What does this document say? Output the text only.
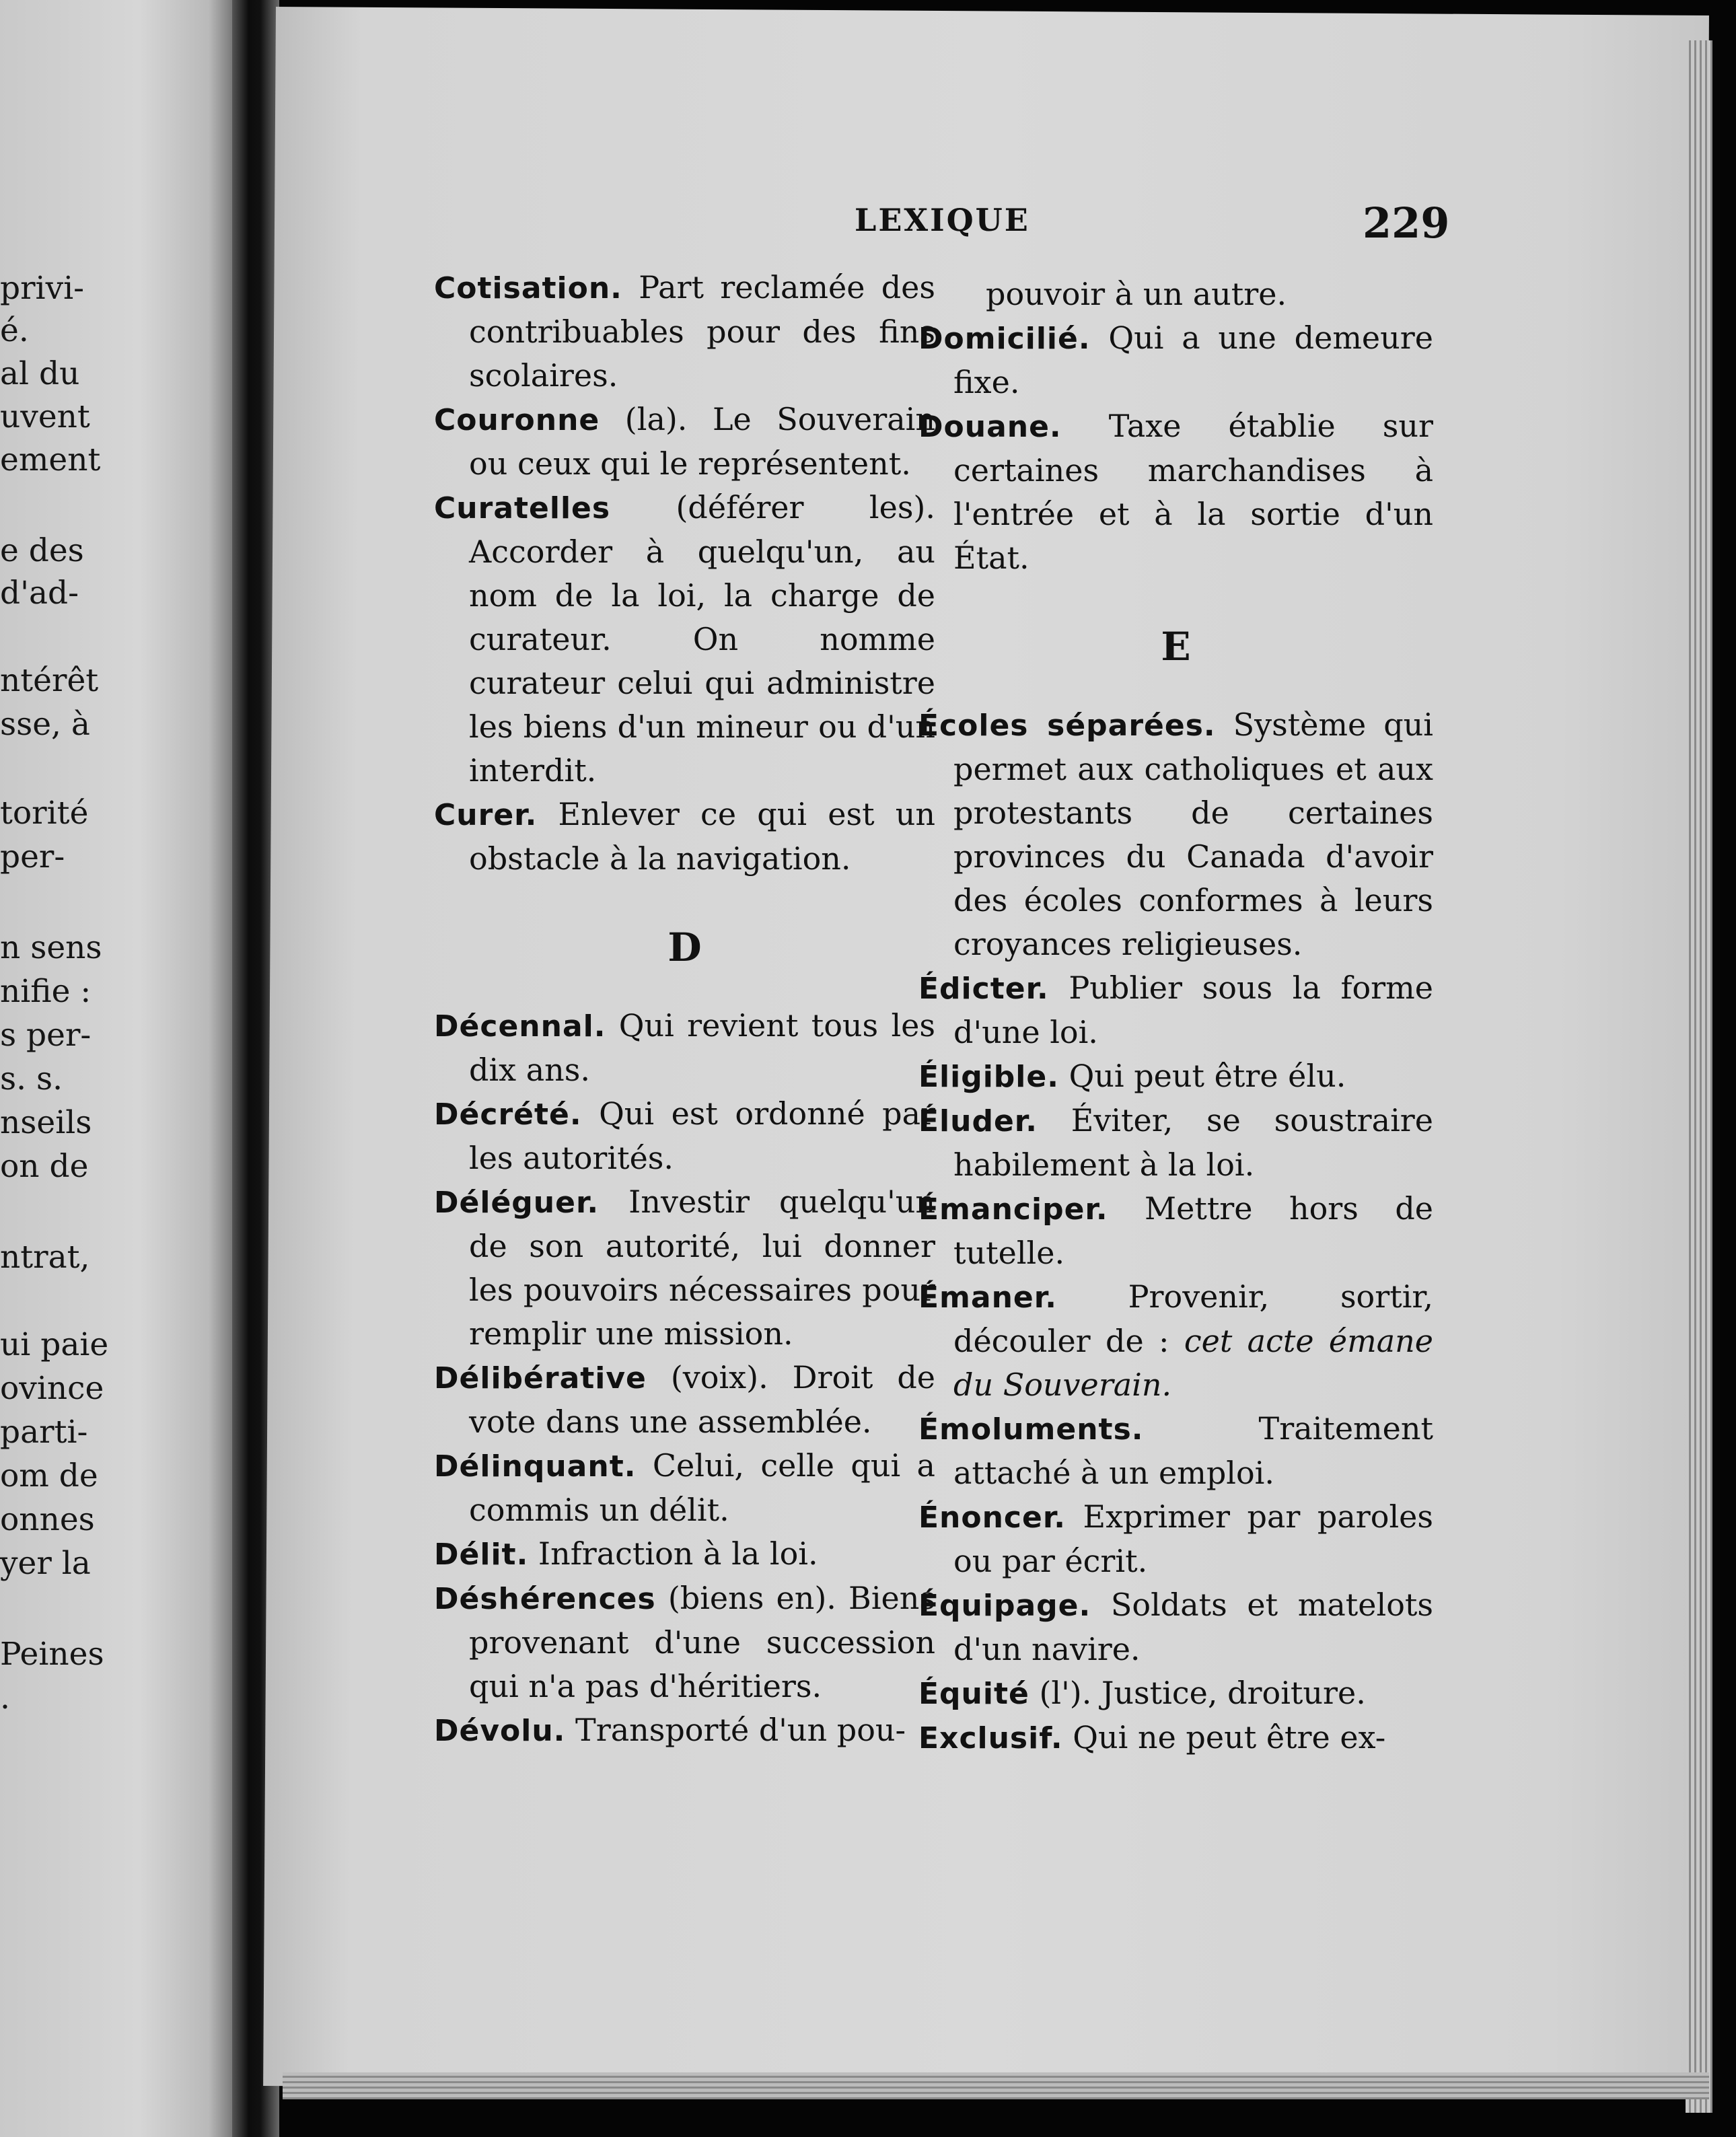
privi-
é.
al du
uvent
ement
e des
d'ad-
ntérêt
sse, à
torité
per-
n sens
nifie :
s per-
s. s.
nseils
on de
ntrat,
ui paie
ovince
parti-
om de
onnes
yer la
Peines
.
LEXIQUE	229
Cotisation. Part reclamée des contribuables pour des fins scolaires.
Couronne (la). Le Souverain ou ceux qui le représentent.
Curatelles (déférer les). Accorder à quelqu'un, au nom de la loi, la charge de curateur.	On nomme curateur celui qui administre les biens d'un mineur ou d'un interdit.
Curer. Enlever ce qui est un obstacle à la navigation.
D
Décennal. Qui revient tous les dix ans.
Décrété. Qui est ordonné par les autorités.
Déléguer. Investir quelqu'un de son autorité, lui donner les pouvoirs nécessaires pour remplir une mission.
Délibérative (voix). Droit de vote dans une assemblée.
Délinquant. Celui, celle qui a commis un délit.
Délit. Infraction à la loi.
Déshérences (biens en). Biens provenant d'une succession qui n'a pas d'héritiers.
Dévolu. Transporté d'un pou-
pouvoir à un autre.
Domicilié. Qui a une demeure fixe.
Douane. Taxe établie sur certaines marchandises à l'entrée et à la sortie d'un État.
E
Écoles séparées. Système qui permet aux catholiques et aux protestants de certaines provinces du Canada d'avoir des écoles conformes à leurs croyances religieuses.
Édicter. Publier sous la forme d'une loi.
Éligible. Qui peut être élu.
Éluder. Éviter, se soustraire habilement à la loi.
Émanciper. Mettre hors de tutelle.
Émaner. Provenir, sortir, découler de : cet acte émane du Souverain.
Émoluments.	Traitement attaché à un emploi.
Énoncer. Exprimer par paroles ou par écrit.
Équipage. Soldats et matelots d'un navire.
Équité (l'). Justice, droiture.
Exclusif. Qui ne peut être ex-
